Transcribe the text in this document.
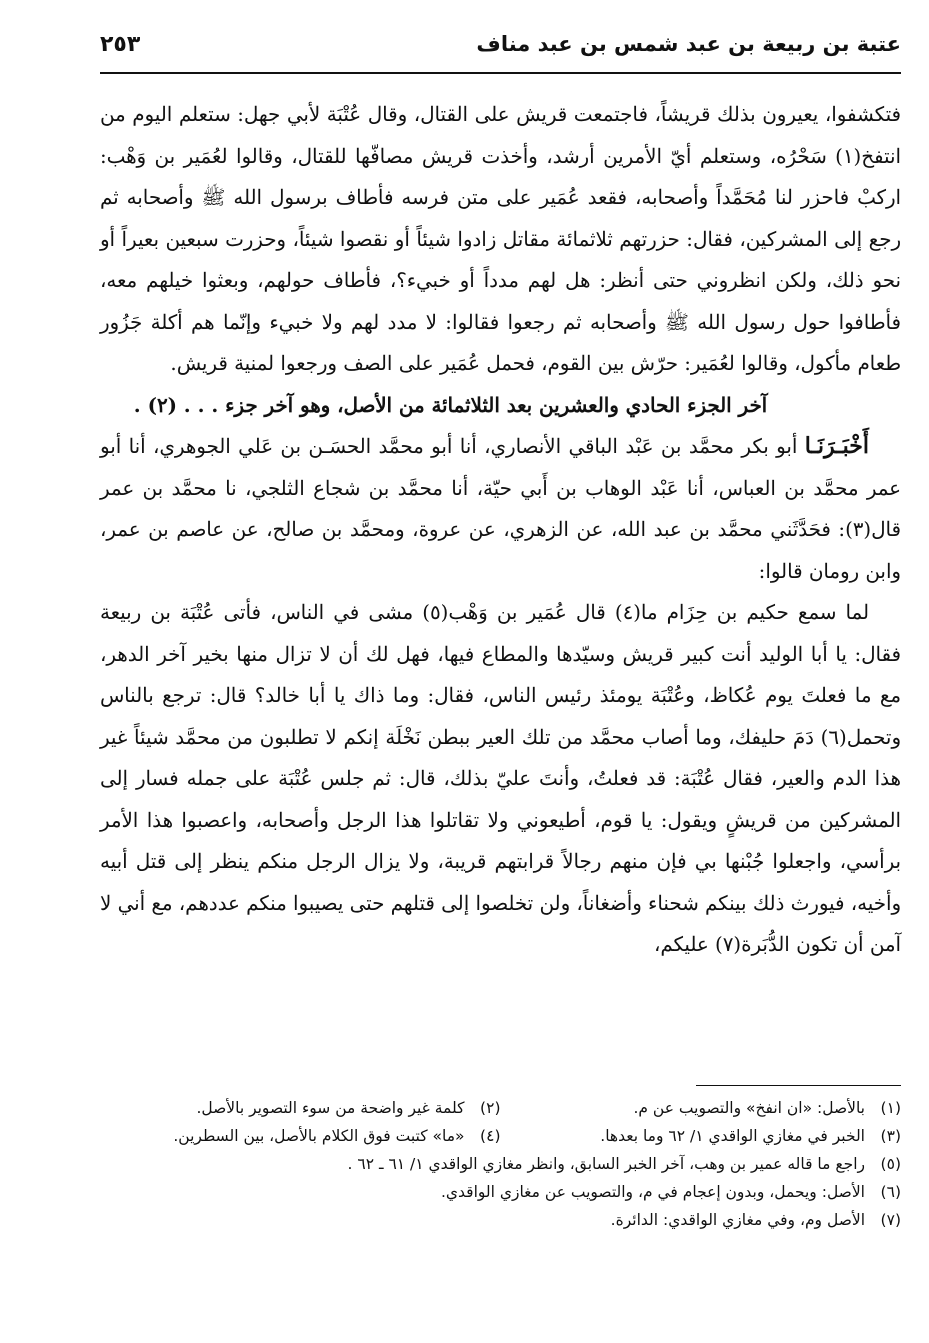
عتبة بن ربيعة بن عبد شمس بن عبد مناف
٢٥٣

فتكشفوا، يعيرون بذلك قريشاً، فاجتمعت قريش على القتال، وقال عُتْبَة لأبي جهل: ستعلم اليوم من انتفخ(١) سَحْرُه، وستعلم أيّ الأمرين أرشد، وأخذت قريش مصافّها للقتال، وقالوا لعُمَير بن وَهْب: اركبْ فاحزر لنا مُحَمَّداً وأصحابه، فقعد عُمَير على متن فرسه فأطاف برسول الله ﷺ وأصحابه ثم رجع إلى المشركين، فقال: حزرتهم ثلاثمائة مقاتل زادوا شيئاً أو نقصوا شيئاً، وحزرت سبعين بعيراً أو نحو ذلك، ولكن انظروني حتى أنظر: هل لهم مدداً أو خبيء؟، فأطاف حولهم، وبعثوا خيلهم معه، فأطافوا حول رسول الله ﷺ وأصحابه ثم رجعوا فقالوا: لا مدد لهم ولا خبيء وإنّما هم أكلة جَزُور طعام مأكول، وقالوا لعُمَير: حرّش بين القوم، فحمل عُمَير على الصف ورجعوا لمنية قريش.

آخر الجزء الحادي والعشرين بعد الثلاثمائة من الأصل، وهو آخر جزء . . . (٢) .

أَخْبَـرَنَـا أبو بكر محمَّد بن عَبْد الباقي الأنصاري، أنا أبو محمَّد الحسَـن بن عَلي الجوهري، أنا أبو عمر محمَّد بن العباس، أنا عَبْد الوهاب بن أَبي حيّة، أنا محمَّد بن شجاع الثلجي، نا محمَّد بن عمر قال(٣): فحَدَّثَني محمَّد بن عبد الله، عن الزهري، عن عروة، ومحمَّد بن صالح، عن عاصم بن عمر، وابن رومان قالوا:

لما سمع حكيم بن حِزَام ما(٤) قال عُمَير بن وَهْب(٥) مشى في الناس، فأتى عُتْبَة بن ربيعة فقال: يا أبا الوليد أنت كبير قريش وسيّدها والمطاع فيها، فهل لك أن لا تزال منها بخير آخر الدهر، مع ما فعلتَ يوم عُكاظ، وعُتْبَة يومئذ رئيس الناس، فقال: وما ذاك يا أبا خالد؟ قال: ترجع بالناس وتحمل(٦) دَمَ حليفك، وما أصاب محمَّد من تلك العير ببطن نَخْلَة إنكم لا تطلبون من محمَّد شيئاً غير هذا الدم والعير، فقال عُتْبَة: قد فعلتُ، وأنتَ عليّ بذلك، قال: ثم جلس عُتْبَة على جمله فسار إلى المشركين من قريشٍ ويقول: يا قوم، أطيعوني ولا تقاتلوا هذا الرجل وأصحابه، واعصبوا هذا الأمر برأسي، واجعلوا جُبْنها بي فإن منهم رجالاً قرابتهم قريبة، ولا يزال الرجل منكم ينظر إلى قتل أبيه وأخيه، فيورث ذلك بينكم شحناء وأضغاناً، ولن تخلصوا إلى قتلهم حتى يصيبوا منكم عددهم، مع أني لا آمن أن تكون الدُّبَرة(٧) عليكم،

(١)
بالأصل: «ان انفخ» والتصويب عن م.
(٢)
كلمة غير واضحة من سوء التصوير بالأصل.
(٣)
الخبر في مغازي الواقدي ١/ ٦٢ وما بعدها.
(٤)
«ما» كتبت فوق الكلام بالأصل، بين السطرين.
(٥)
راجع ما قاله عمير بن وهب، آخر الخبر السابق، وانظر مغازي الواقدي ١/ ٦١ ـ ٦٢ .
(٦)
الأصل: ويحمل، وبدون إعجام في م، والتصويب عن مغازي الواقدي.
(٧)
الأصل وم، وفي مغازي الواقدي: الدائرة.
